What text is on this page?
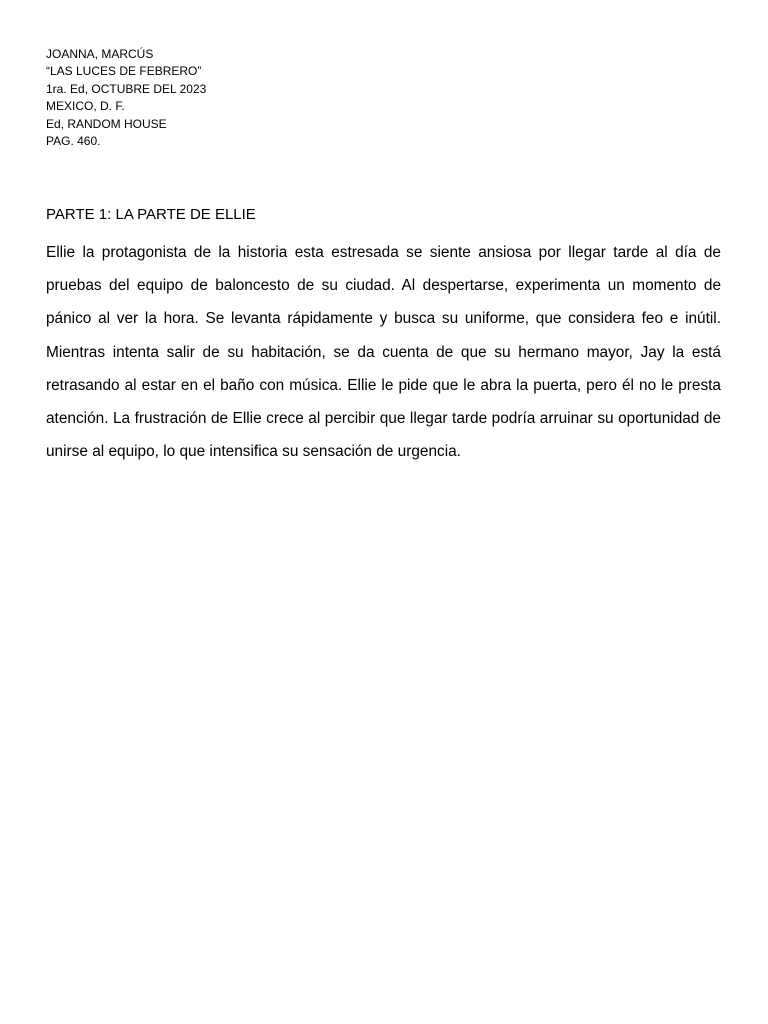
JOANNA, MARCÚS
“LAS LUCES DE FEBRERO”
1ra. Ed, OCTUBRE DEL 2023
MEXICO, D. F.
Ed, RANDOM HOUSE
PAG. 460.
PARTE 1: LA PARTE DE ELLIE

Ellie la protagonista de la historia esta estresada se siente ansiosa por llegar tarde al día de pruebas del equipo de baloncesto de su ciudad. Al despertarse, experimenta un momento de pánico al ver la hora. Se levanta rápidamente y busca su uniforme, que considera feo e inútil. Mientras intenta salir de su habitación, se da cuenta de que su hermano mayor, Jay la está retrasando al estar en el baño con música. Ellie le pide que le abra la puerta, pero él no le presta atención. La frustración de Ellie crece al percibir que llegar tarde podría arruinar su oportunidad de unirse al equipo, lo que intensifica su sensación de urgencia.
